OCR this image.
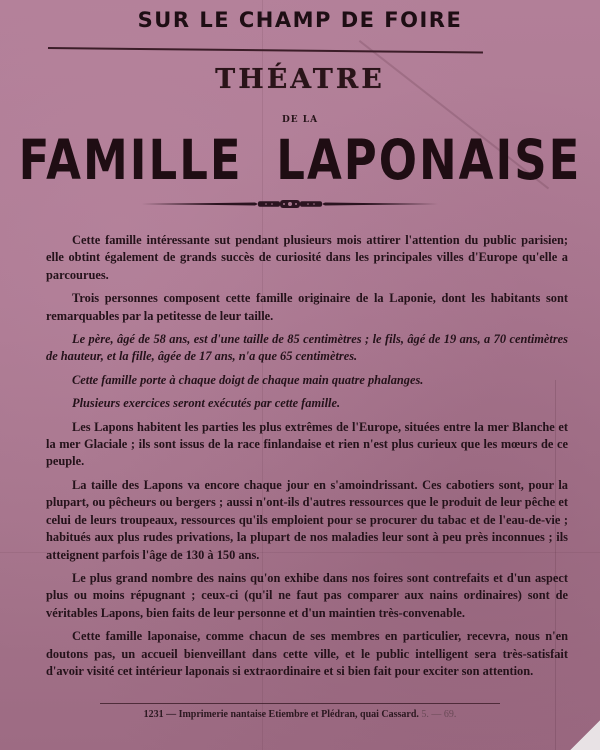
SUR LE CHAMP DE FOIRE
THÉATRE
DE LA
FAMILLE LAPONAISE

Cette famille intéressante sut pendant plusieurs mois attirer l'attention du public parisien; elle obtint également de grands succès de curiosité dans les principales villes d'Europe qu'elle a parcourues.

Trois personnes composent cette famille originaire de la Laponie, dont les habitants sont remarquables par la petitesse de leur taille.

Le père, âgé de 58 ans, est d'une taille de 85 centimètres ; le fils, âgé de 19 ans, a 70 centimètres de hauteur, et la fille, âgée de 17 ans, n'a que 65 centimètres.

Cette famille porte à chaque doigt de chaque main quatre phalanges.

Plusieurs exercices seront exécutés par cette famille.

Les Lapons habitent les parties les plus extrêmes de l'Europe, situées entre la mer Blanche et la mer Glaciale ; ils sont issus de la race finlandaise et rien n'est plus curieux que les mœurs de ce peuple.

La taille des Lapons va encore chaque jour en s'amoindrissant. Ces cabotiers sont, pour la plupart, ou pêcheurs ou bergers ; aussi n'ont-ils d'autres ressources que le produit de leur pêche et celui de leurs troupeaux, ressources qu'ils emploient pour se procurer du tabac et de l'eau-de-vie ; habitués aux plus rudes privations, la plupart de nos maladies leur sont à peu près inconnues ; ils atteignent parfois l'âge de 130 à 150 ans.

Le plus grand nombre des nains qu'on exhibe dans nos foires sont contrefaits et d'un aspect plus ou moins répugnant ; ceux-ci (qu'il ne faut pas comparer aux nains ordinaires) sont de véritables Lapons, bien faits de leur personne et d'un maintien très-convenable.

Cette famille laponaise, comme chacun de ses membres en particulier, recevra, nous n'en doutons pas, un accueil bienveillant dans cette ville, et le public intelligent sera très-satisfait d'avoir visité cet intérieur laponais si extraordinaire et si bien fait pour exciter son attention.

1231 — Imprimerie nantaise Etiembre et Plédran, quai Cassard. 5. — 69.
